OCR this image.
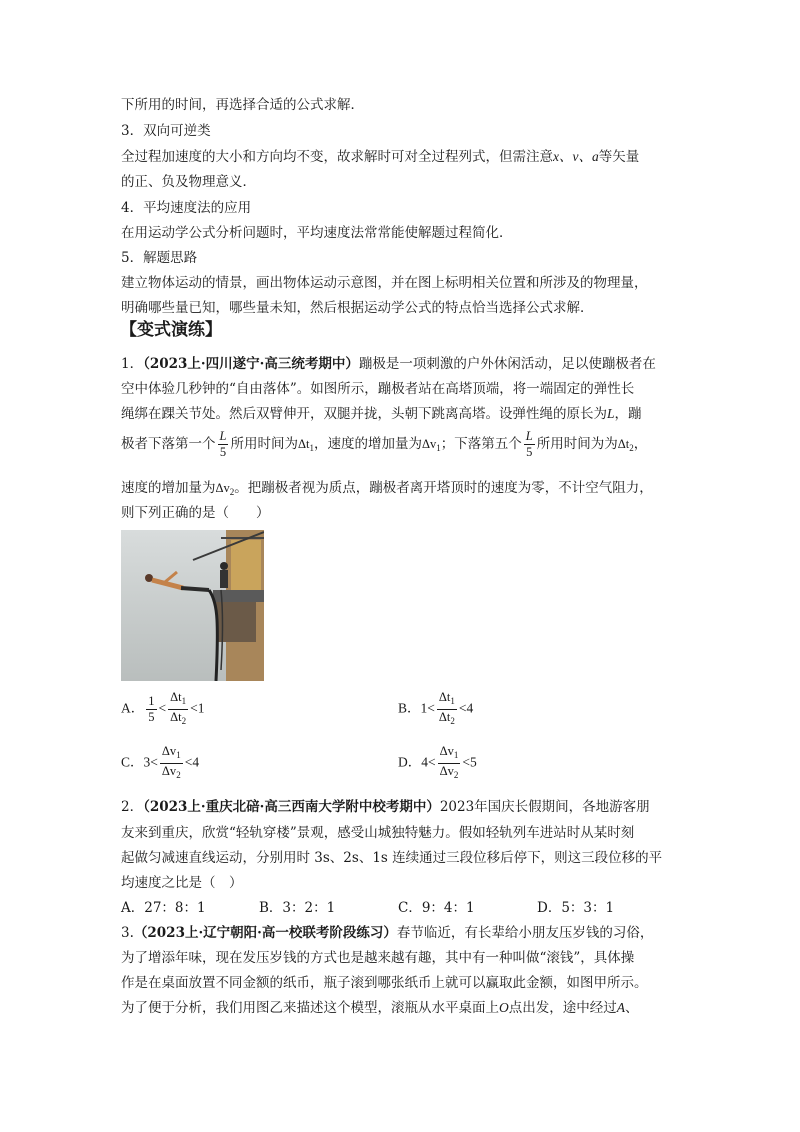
下所用的时间，再选择合适的公式求解．
3．双向可逆类
全过程加速度的大小和方向均不变，故求解时可对全过程列式，但需注意x、v、a等矢量
的正、负及物理意义．
4．平均速度法的应用
在用运动学公式分析问题时，平均速度法常常能使解题过程简化．
5．解题思路
建立物体运动的情景，画出物体运动示意图，并在图上标明相关位置和所涉及的物理量，
明确哪些量已知，哪些量未知，然后根据运动学公式的特点恰当选择公式求解．
【变式演练】
1．（2023上·四川遂宁·高三统考期中）蹦极是一项刺激的户外休闲活动，足以使蹦极者在
空中体验几秒钟的“自由落体”。如图所示，蹦极者站在高塔顶端，将一端固定的弹性长
绳绑在踝关节处。然后双臂伸开，双腿并拢，头朝下跳离高塔。设弹性绳的原长为L，蹦
极者下落第一个 $\frac{L}{5}$ 所用时间为$\Delta t_1$，速度的增加量为$\Delta v_1$；下落第五个 $\frac{L}{5}$ 所用时间为为$\Delta t_2$，
速度的增加量为$\Delta v_2$。把蹦极者视为质点，蹦极者离开塔顶时的速度为零，不计空气阻力，
则下列正确的是（　　）
A． $\frac{1}{5} < \frac{\Delta t_1}{\Delta t_2} <1$	B．$1< \frac{\Delta t_1}{\Delta t_2} <4$
C．$3< \frac{\Delta v_1}{\Delta v_2} <4$	D．$4< \frac{\Delta v_1}{\Delta v_2} <5$
2．（2023上·重庆北碚·高三西南大学附中校考期中）2023年国庆长假期间，各地游客朋
友来到重庆，欣赏“轻轨穿楼”景观，感受山城独特魅力。假如轻轨列车进站时从某时刻
起做匀减速直线运动，分别用时 3s、2s、1s 连续通过三段位移后停下，则这三段位移的平
均速度之比是（　）
A．27：8：1	B．3：2：1	C．9：4：1	D．5：3：1
3.（2023上·辽宁朝阳·高一校联考阶段练习）春节临近，有长辈给小朋友压岁钱的习俗，
为了增添年味，现在发压岁钱的方式也是越来越有趣，其中有一种叫做“滚钱”，具体操
作是在桌面放置不同金额的纸币，瓶子滚到哪张纸币上就可以赢取此金额，如图甲所示。
为了便于分析，我们用图乙来描述这个模型，滚瓶从水平桌面上O点出发，途中经过A、
